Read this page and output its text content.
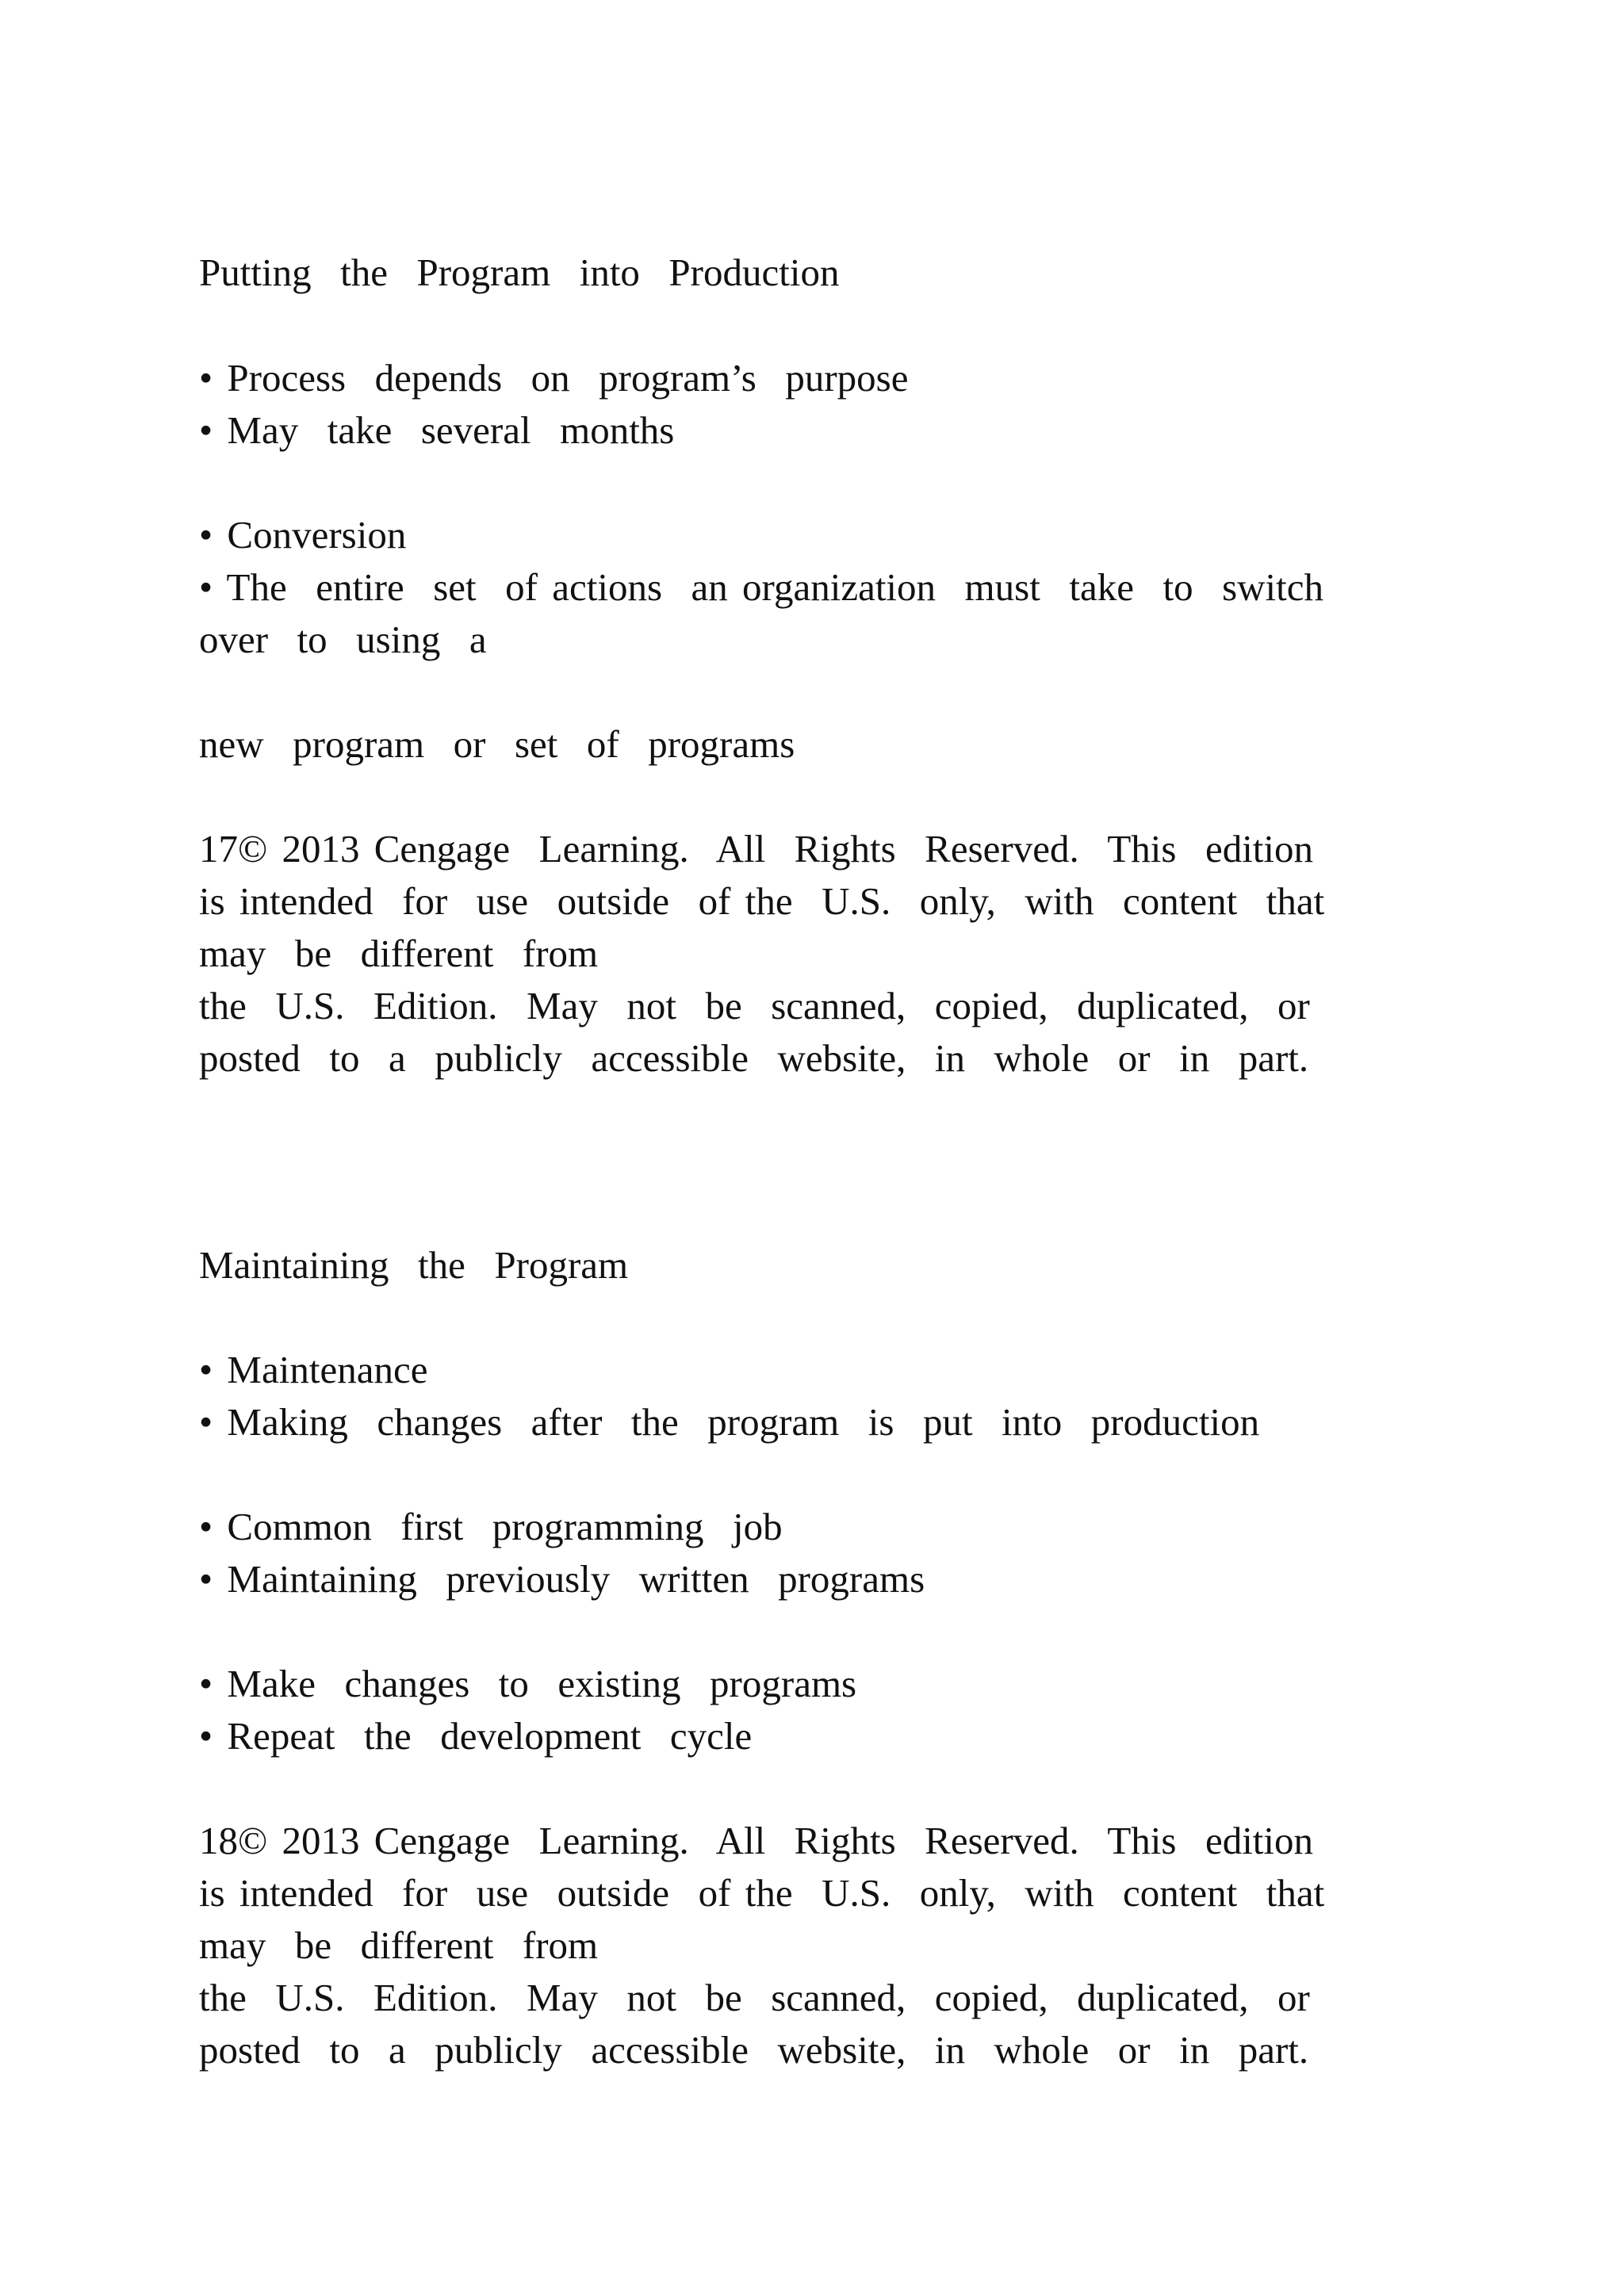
Putting  the  Program  into  Production

• Process  depends  on  program’s  purpose

• May  take  several  months

• Conversion

• The  entire  set  of actions  an organization  must  take  to  switch

over  to  using  a

new  program  or  set  of  programs

17© 2013 Cengage  Learning.  All  Rights  Reserved.  This  edition

is intended  for  use  outside  of the  U.S.  only,  with  content  that

may  be  different  from

the  U.S.  Edition.  May  not  be  scanned,  copied,  duplicated,  or

posted  to  a  publicly  accessible  website,  in  whole  or  in  part.

Maintaining  the  Program

• Maintenance

• Making  changes  after  the  program  is  put  into  production

• Common  first  programming  job

• Maintaining  previously  written  programs

• Make  changes  to  existing  programs

• Repeat  the  development  cycle

18© 2013 Cengage  Learning.  All  Rights  Reserved.  This  edition

is intended  for  use  outside  of the  U.S.  only,  with  content  that

may  be  different  from

the  U.S.  Edition.  May  not  be  scanned,  copied,  duplicated,  or

posted  to  a  publicly  accessible  website,  in  whole  or  in  part.
